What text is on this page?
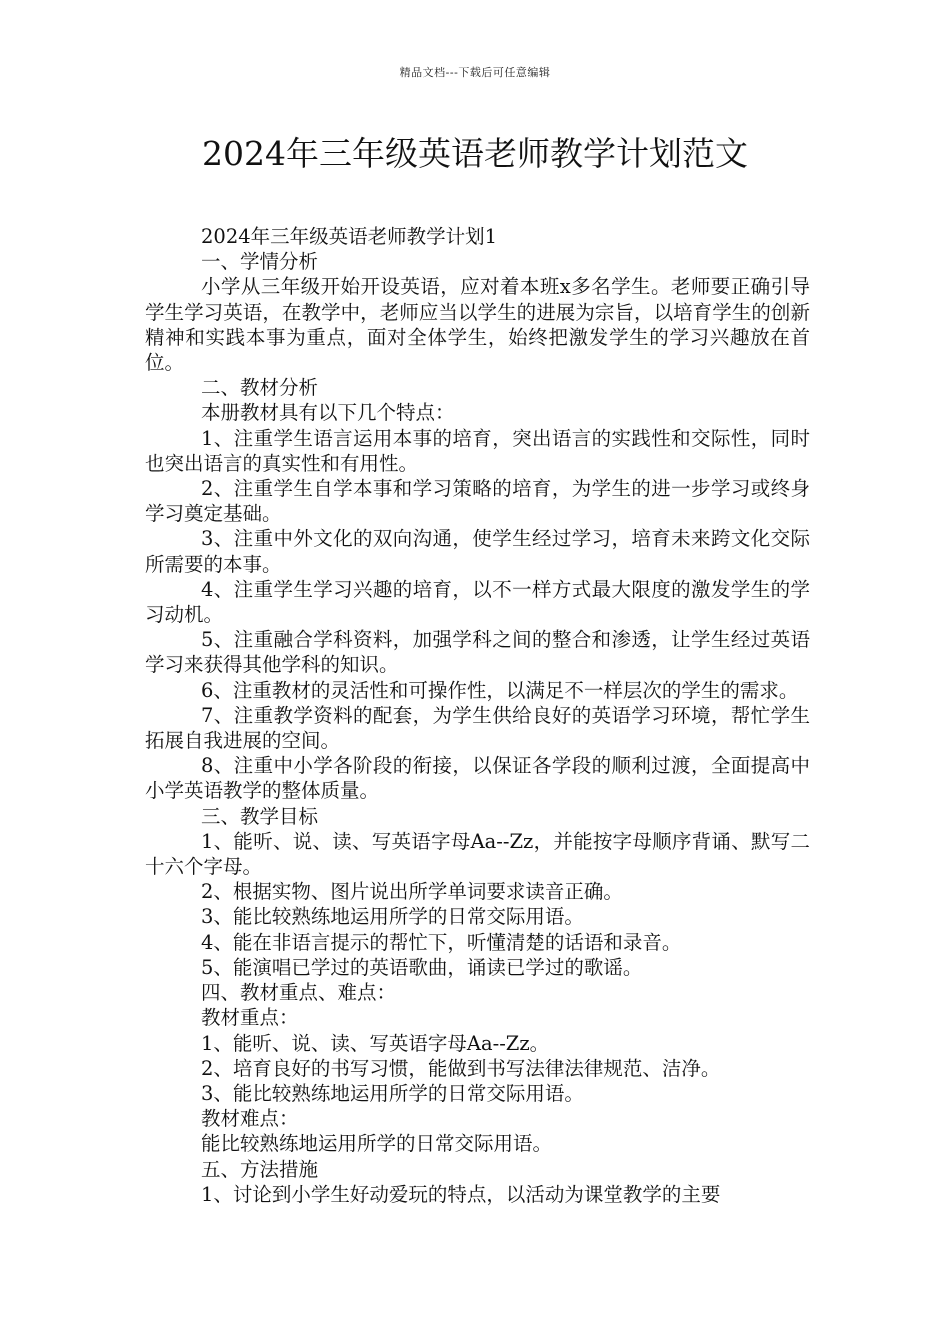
精品文档---下载后可任意编辑
2024年三年级英语老师教学计划范文

2024年三年级英语老师教学计划1

一、学情分析

小学从三年级开始开设英语，应对着本班x多名学生。老师要正确引导学生学习英语，在教学中，老师应当以学生的进展为宗旨，以培育学生的创新精神和实践本事为重点，面对全体学生，始终把激发学生的学习兴趣放在首位。

二、教材分析

本册教材具有以下几个特点：

1、注重学生语言运用本事的培育，突出语言的实践性和交际性，同时也突出语言的真实性和有用性。

2、注重学生自学本事和学习策略的培育，为学生的进一步学习或终身学习奠定基础。

3、注重中外文化的双向沟通，使学生经过学习，培育未来跨文化交际所需要的本事。

4、注重学生学习兴趣的培育，以不一样方式最大限度的激发学生的学习动机。

5、注重融合学科资料，加强学科之间的整合和渗透，让学生经过英语学习来获得其他学科的知识。

6、注重教材的灵活性和可操作性，以满足不一样层次的学生的需求。

7、注重教学资料的配套，为学生供给良好的英语学习环境，帮忙学生拓展自我进展的空间。

8、注重中小学各阶段的衔接，以保证各学段的顺利过渡，全面提高中小学英语教学的整体质量。

三、教学目标

1、能听、说、读、写英语字母Aa--Zz，并能按字母顺序背诵、默写二十六个字母。

2、根据实物、图片说出所学单词要求读音正确。

3、能比较熟练地运用所学的日常交际用语。

4、能在非语言提示的帮忙下，听懂清楚的话语和录音。

5、能演唱已学过的英语歌曲，诵读已学过的歌谣。

四、教材重点、难点：

教材重点：

1、能听、说、读、写英语字母Aa--Zz。

2、培育良好的书写习惯，能做到书写法律法律规范、洁净。

3、能比较熟练地运用所学的日常交际用语。

教材难点：

能比较熟练地运用所学的日常交际用语。

五、方法措施

1、讨论到小学生好动爱玩的特点，以活动为课堂教学的主要
